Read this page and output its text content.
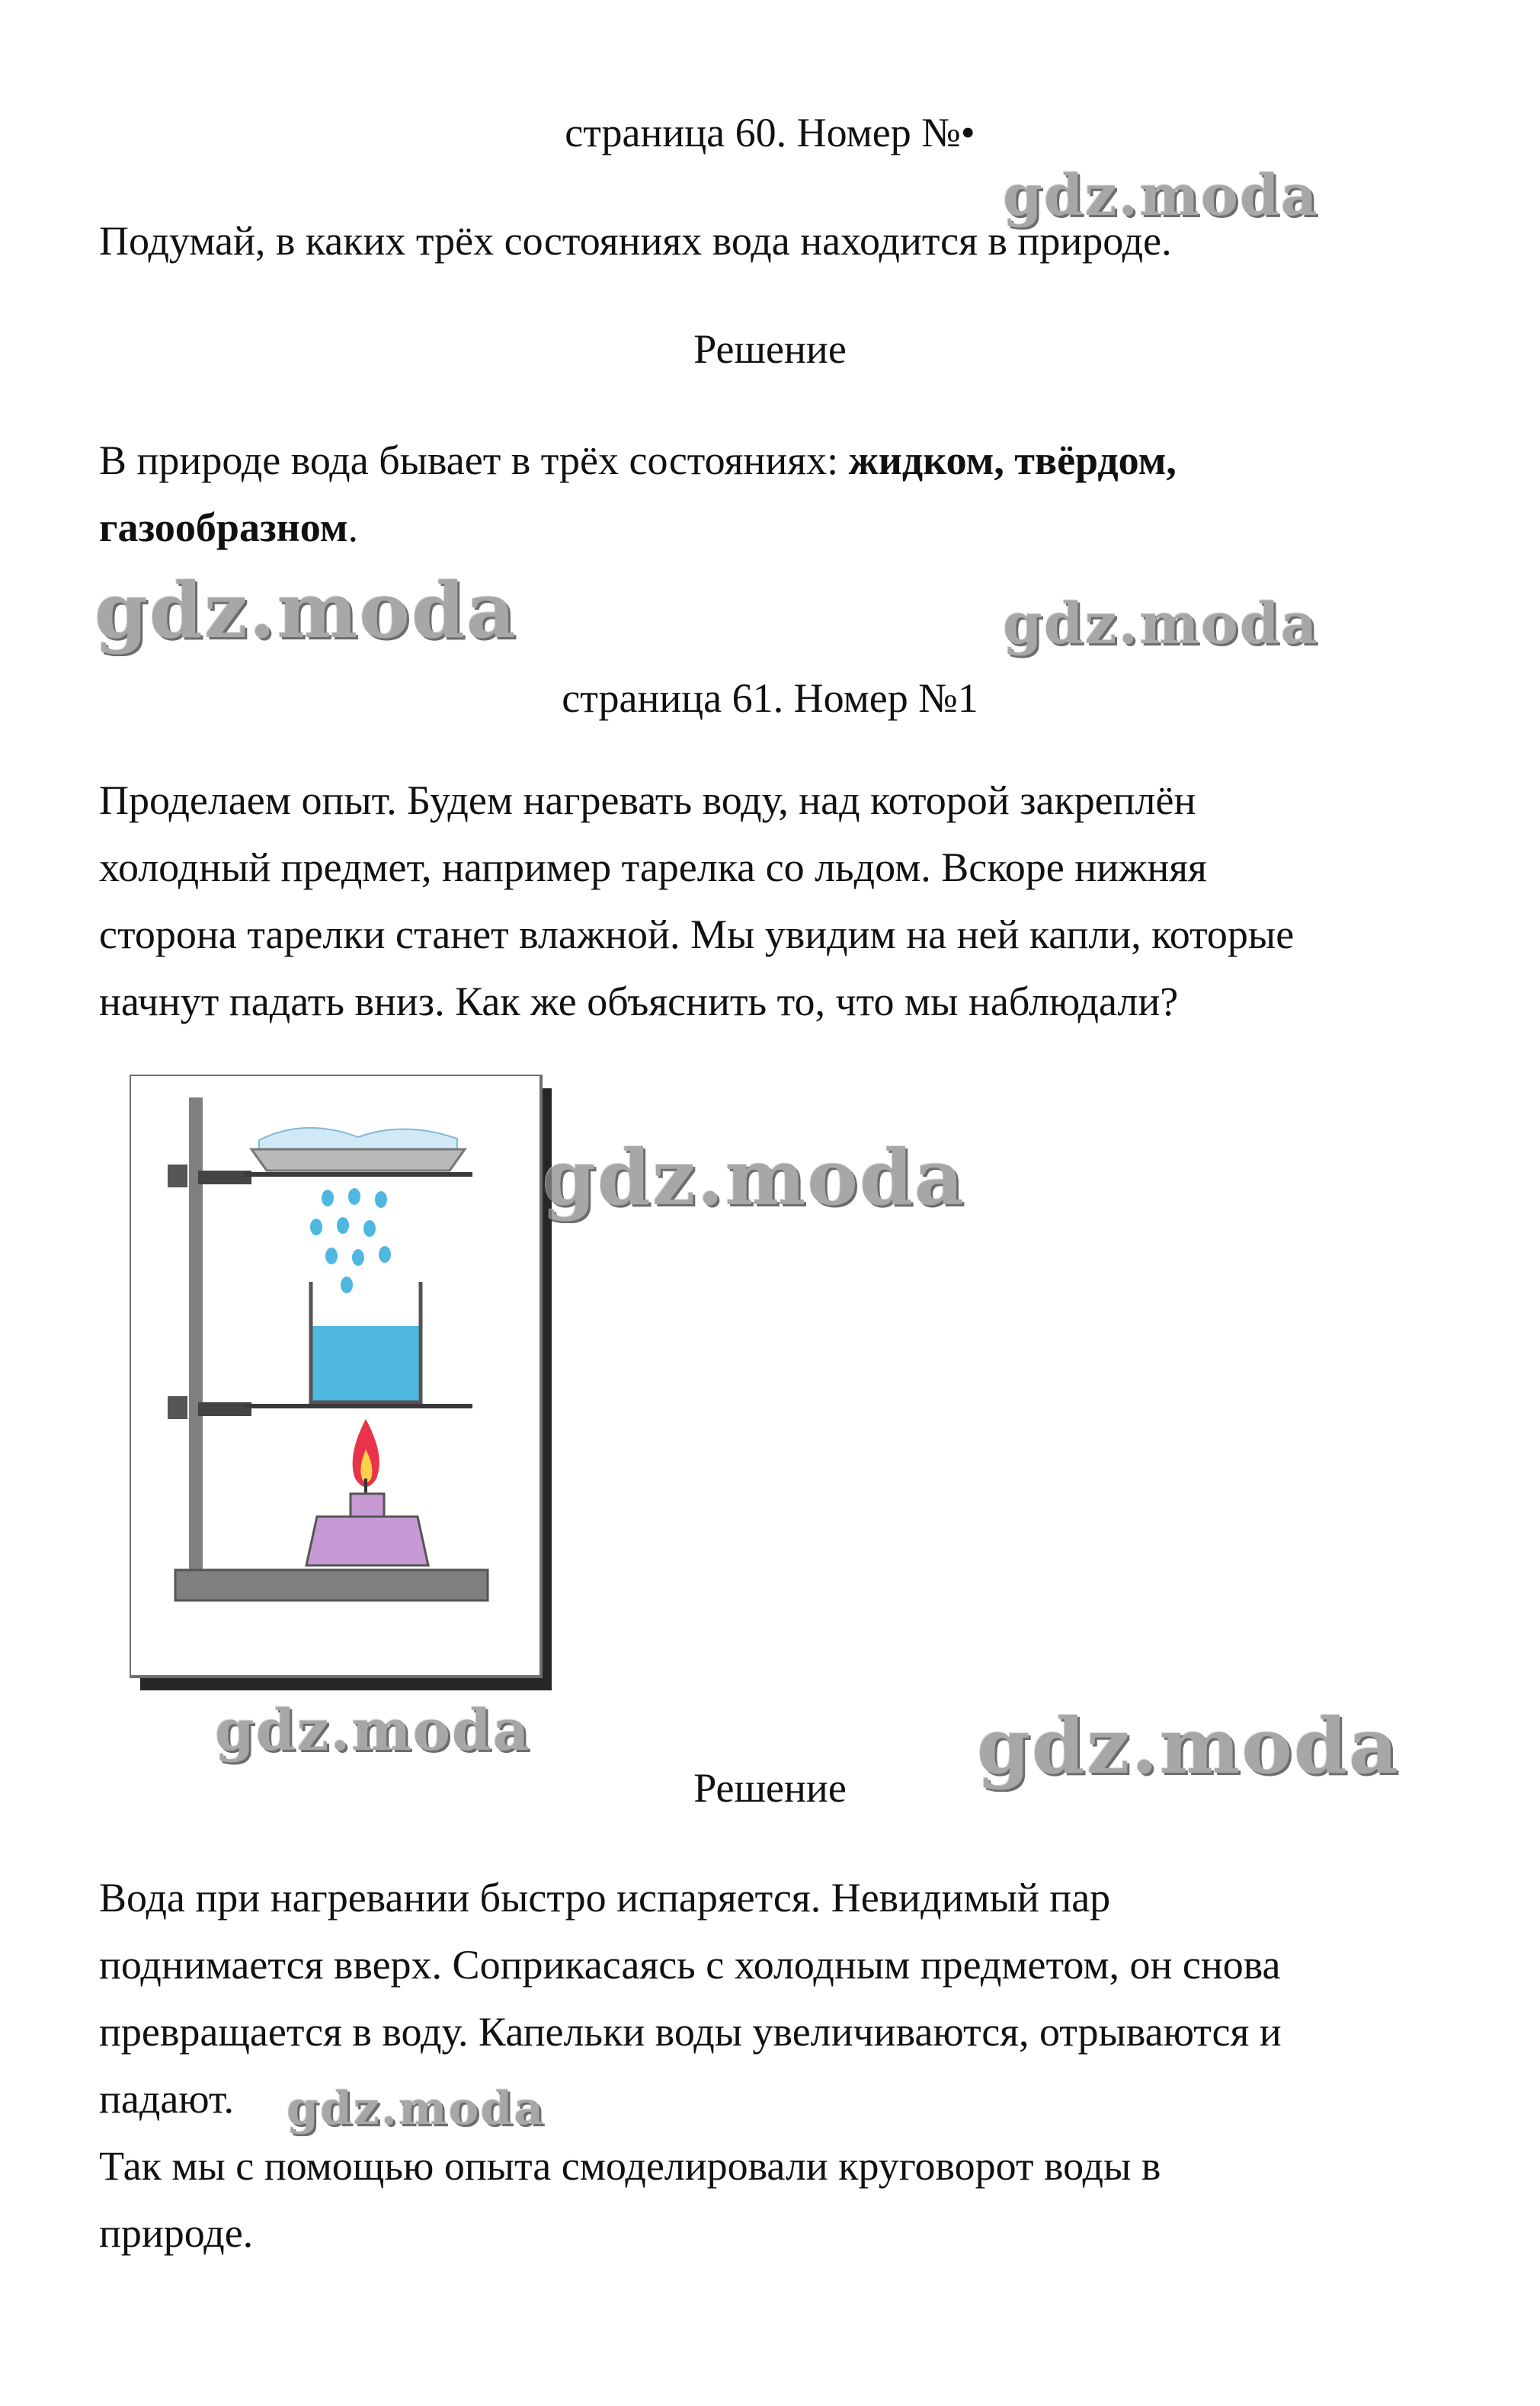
страница 60. Номер №•
Подумай, в каких трёх состояниях вода находится в природе.
Решение
В природе вода бывает в трёх состояниях: жидком, твёрдом,
газообразном.
страница 61. Номер №1
Проделаем опыт. Будем нагревать воду, над которой закреплён
холодный предмет, например тарелка со льдом. Вскоре нижняя
сторона тарелки станет влажной. Мы увидим на ней капли, которые
начнут падать вниз. Как же объяснить то, что мы наблюдали?
Решение
Вода при нагревании быстро испаряется. Невидимый пар
поднимается вверх. Соприкасаясь с холодным предметом, он снова
превращается в воду. Капельки воды увеличиваются, отрываются и
падают.
Так мы с помощью опыта смоделировали круговорот воды в
природе.
gdz.moda
gdz.moda	gdz.moda
gdz.moda
gdz.moda	gdz.moda
gdz.moda
